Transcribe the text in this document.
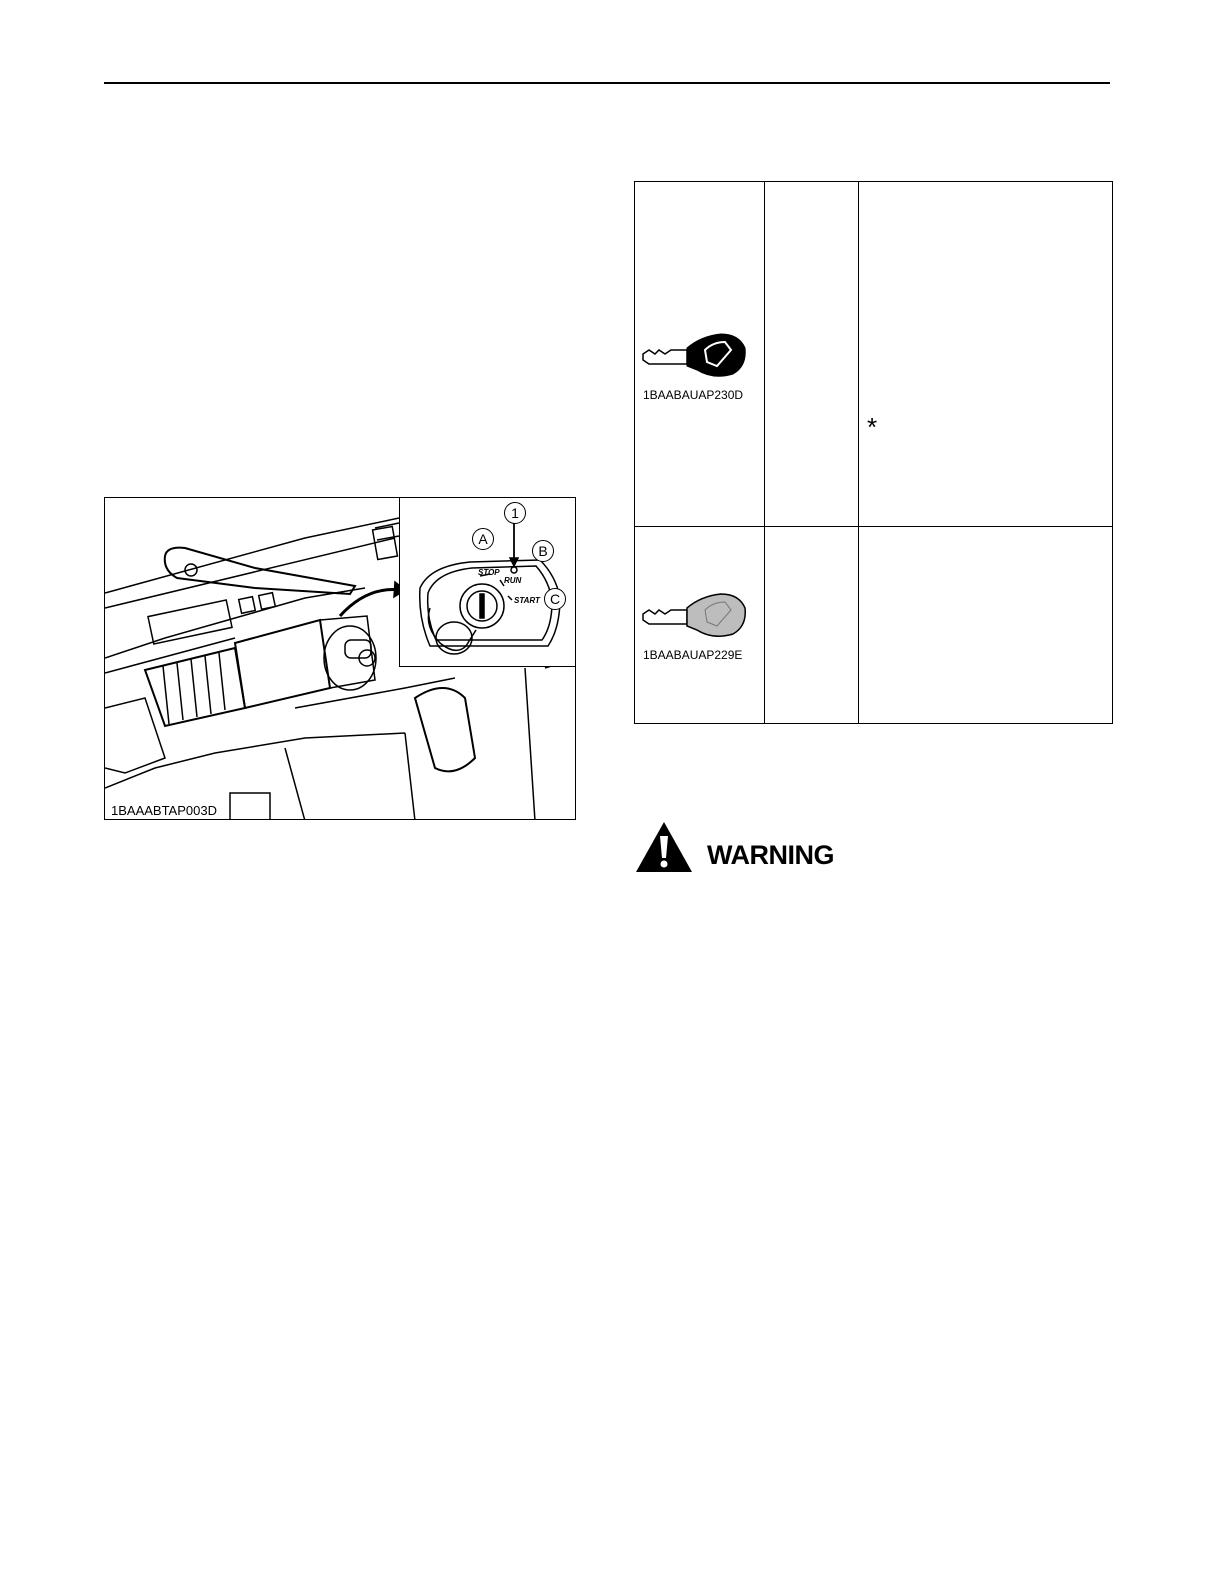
1
A
B
C
STOP
RUN
START
1BAAABTAP003D
1BAABAUAP230D
*
1BAABAUAP229E
WARNING
